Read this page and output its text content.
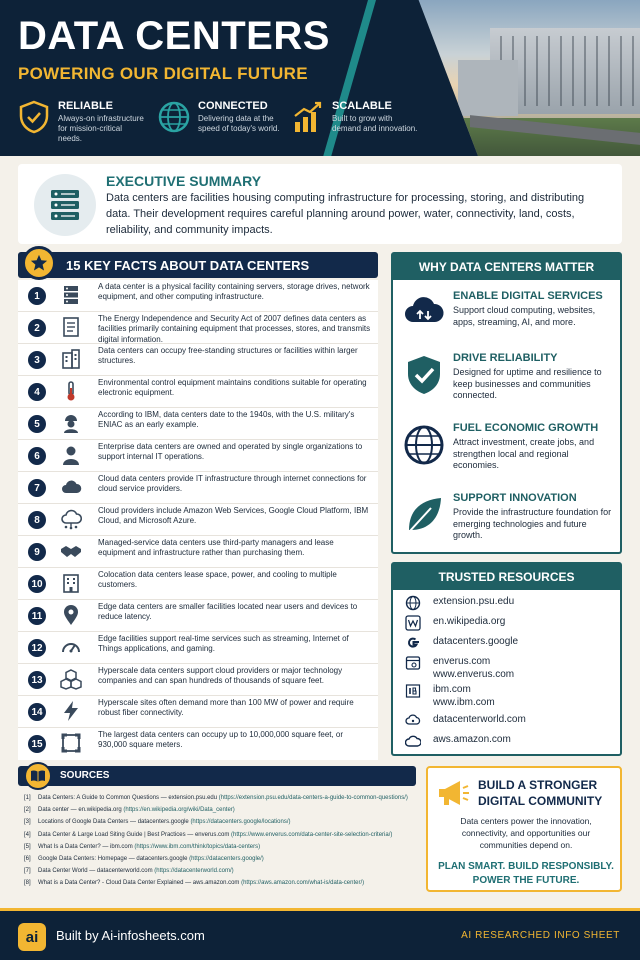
DATA CENTERS
POWERING OUR DIGITAL FUTURE
RELIABLE
Always-on infrastructure for mission-critical needs.
CONNECTED
Delivering data at the speed of today's world.
SCALABLE
Built to grow with demand and innovation.
EXECUTIVE SUMMARY
Data centers are facilities housing computing infrastructure for processing, storing, and distributing data. Their development requires careful planning around power, water, connectivity, land, costs, reliability, and community impacts.
15 KEY FACTS ABOUT DATA CENTERS
1
A data center is a physical facility containing servers, storage drives, network equipment, and other computing infrastructure.
2
The Energy Independence and Security Act of 2007 defines data centers as facilities primarily containing equipment that processes, stores, and transmits digital information.
3
Data centers can occupy free-standing structures or facilities within larger structures.
4
Environmental control equipment maintains conditions suitable for operating electronic equipment.
5
According to IBM, data centers date to the 1940s, with the U.S. military's ENIAC as an early example.
6
Enterprise data centers are owned and operated by single organizations to support internal IT operations.
7
Cloud data centers provide IT infrastructure through internet connections for cloud service providers.
8
Cloud providers include Amazon Web Services, Google Cloud Platform, IBM Cloud, and Microsoft Azure.
9
Managed-service data centers use third-party managers and lease equipment and infrastructure rather than purchasing them.
10
Colocation data centers lease space, power, and cooling to multiple customers.
11
Edge data centers are smaller facilities located near users and devices to reduce latency.
12
Edge facilities support real-time services such as streaming, Internet of Things applications, and gaming.
13
Hyperscale data centers support cloud providers or major technology companies and can span hundreds of thousands of square feet.
14
Hyperscale sites often demand more than 100 MW of power and require robust fiber connectivity.
15
The largest data centers can occupy up to 10,000,000 square feet, or 930,000 square meters.
WHY DATA CENTERS MATTER
ENABLE DIGITAL SERVICES
Support cloud computing, websites, apps, streaming, AI, and more.
DRIVE RELIABILITY
Designed for uptime and resilience to keep businesses and communities connected.
FUEL ECONOMIC GROWTH
Attract investment, create jobs, and strengthen local and regional economies.
SUPPORT INNOVATION
Provide the infrastructure foundation for emerging technologies and future growth.
TRUSTED RESOURCES
extension.psu.edu
en.wikipedia.org
datacenters.google
enverus.com
www.enverus.com
ibm.com
www.ibm.com
datacenterworld.com
aws.amazon.com
SOURCES
[1] Data Centers: A Guide to Common Questions — extension.psu.edu (https://extension.psu.edu/data-centers-a-guide-to-common-questions/)
[2] Data center — en.wikipedia.org (https://en.wikipedia.org/wiki/Data_center)
[3] Locations of Google Data Centers — datacenters.google (https://datacenters.google/locations/)
[4] Data Center & Large Load Siting Guide | Best Practices — enverus.com (https://www.enverus.com/data-center-site-selection-criteria/)
[5] What Is a Data Center? — ibm.com (https://www.ibm.com/think/topics/data-centers)
[6] Google Data Centers: Homepage — datacenters.google (https://datacenters.google/)
[7] Data Center World — datacenterworld.com (https://datacenterworld.com/)
[8] What is a Data Center? - Cloud Data Center Explained — aws.amazon.com (https://aws.amazon.com/what-is/data-center/)
BUILD A STRONGER DIGITAL COMMUNITY
Data centers power the innovation, connectivity, and opportunities our communities depend on.
PLAN SMART. BUILD RESPONSIBLY. POWER THE FUTURE.
ai	Built by Ai-infosheets.com	AI RESEARCHED INFO SHEET
